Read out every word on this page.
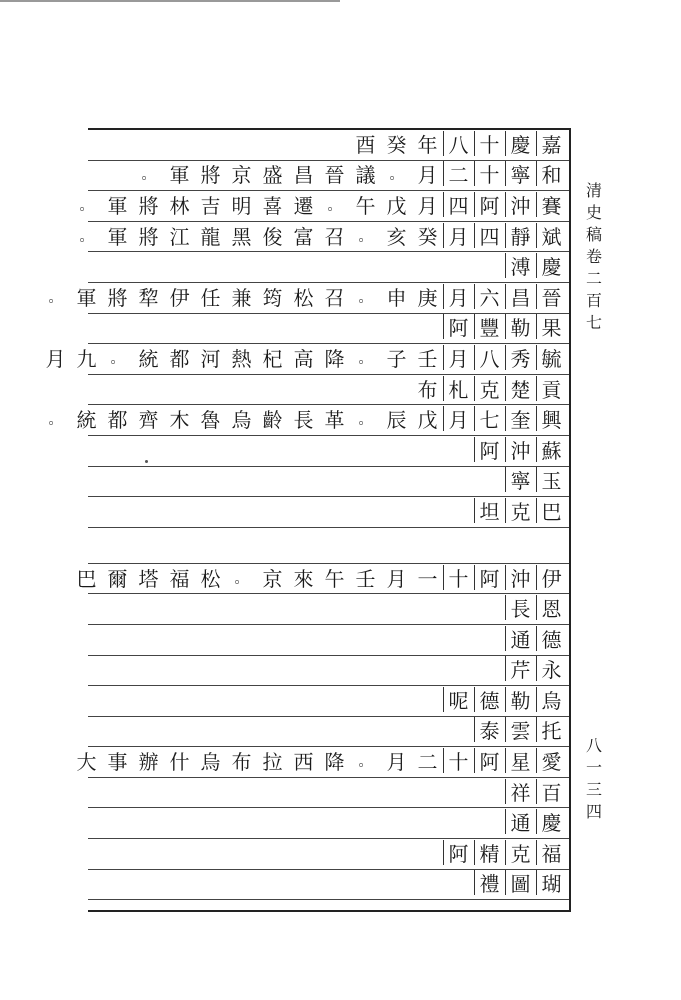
嘉
慶
十
八
年
癸
酉
和
寧
十
二
月
。
議
晉
昌
盛
京
將
軍
。
賽
沖
阿
四
月
戊
午
。
遷
喜
明
吉
林
將
軍
。
斌
靜
四
月
癸
亥
。
召
富
俊
黑
龍
江
將
軍
。
慶
溥
晉
昌
六
月
庚
申
。
召
松
筠
兼
任
伊
犂
將
軍
。
果
勒
豐
阿
毓
秀
八
月
壬
子
。
降
高
杞
熱
河
都
統
。
九
月
貢
楚
克
札
布
興
奎
七
月
戊
辰
。
革
長
齡
烏
魯
木
齊
都
統
。
蘇
沖
阿
玉
寧
巴
克
坦
伊
沖
阿
十
一
月
壬
午
來
京
。
松
福
塔
爾
巴
恩
長
德
通
永
芹
烏
勒
德
呢
托
雲
泰
愛
星
阿
十
二
月
。
降
西
拉
布
烏
什
辦
事
大
百
祥
慶
通
福
克
精
阿
瑚
圖
禮
清
史
稿
卷
二
百
七
八
一
三
四
